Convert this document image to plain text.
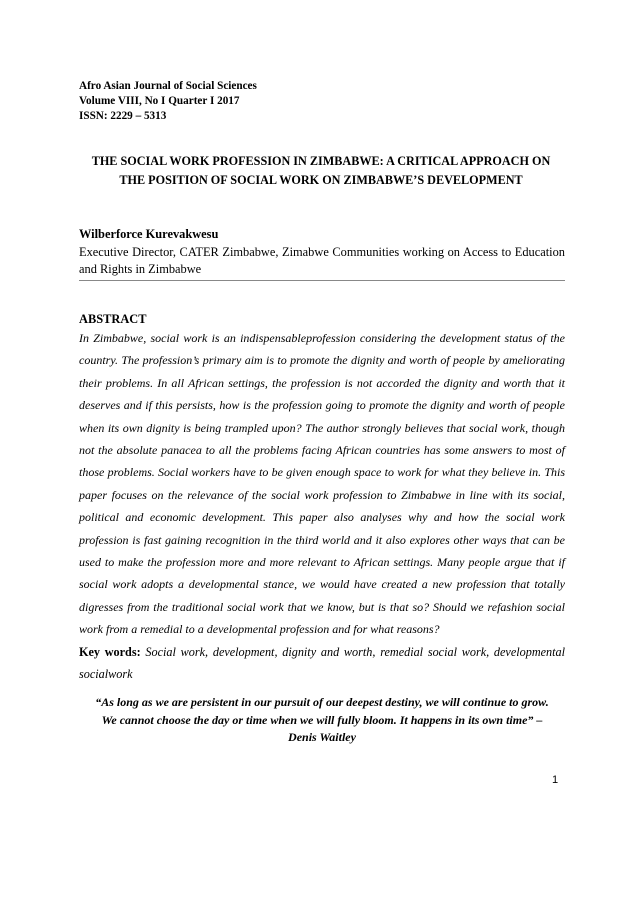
Afro Asian Journal of Social Sciences
Volume VIII, No I Quarter I 2017
ISSN: 2229 – 5313
THE SOCIAL WORK PROFESSION IN ZIMBABWE: A CRITICAL APPROACH ON
THE POSITION OF SOCIAL WORK ON ZIMBABWE’S DEVELOPMENT
Wilberforce Kurevakwesu
Executive Director, CATER Zimbabwe, Zimabwe Communities working on Access to Education and Rights in Zimbabwe
ABSTRACT
In Zimbabwe, social work is an indispensableprofession considering the development status of the country. The profession’s primary aim is to promote the dignity and worth of people by ameliorating their problems. In all African settings, the profession is not accorded the dignity and worth that it deserves and if this persists, how is the profession going to promote the dignity and worth of people when its own dignity is being trampled upon? The author strongly believes that social work, though not the absolute panacea to all the problems facing African countries has some answers to most of those problems. Social workers have to be given enough space to work for what they believe in. This paper focuses on the relevance of the social work profession to Zimbabwe in line with its social, political and economic development. This paper also analyses why and how the social work profession is fast gaining recognition in the third world and it also explores other ways that can be used to make the profession more and more relevant to African settings. Many people argue that if social work adopts a developmental stance, we would have created a new profession that totally digresses from the traditional social work that we know, but is that so? Should we refashion social work from a remedial to a developmental profession and for what reasons?
Key words: Social work, development, dignity and worth, remedial social work, developmental socialwork
“As long as we are persistent in our pursuit of our deepest destiny, we will continue to grow.
We cannot choose the day or time when we will fully bloom. It happens in its own time” –
Denis Waitley
1
